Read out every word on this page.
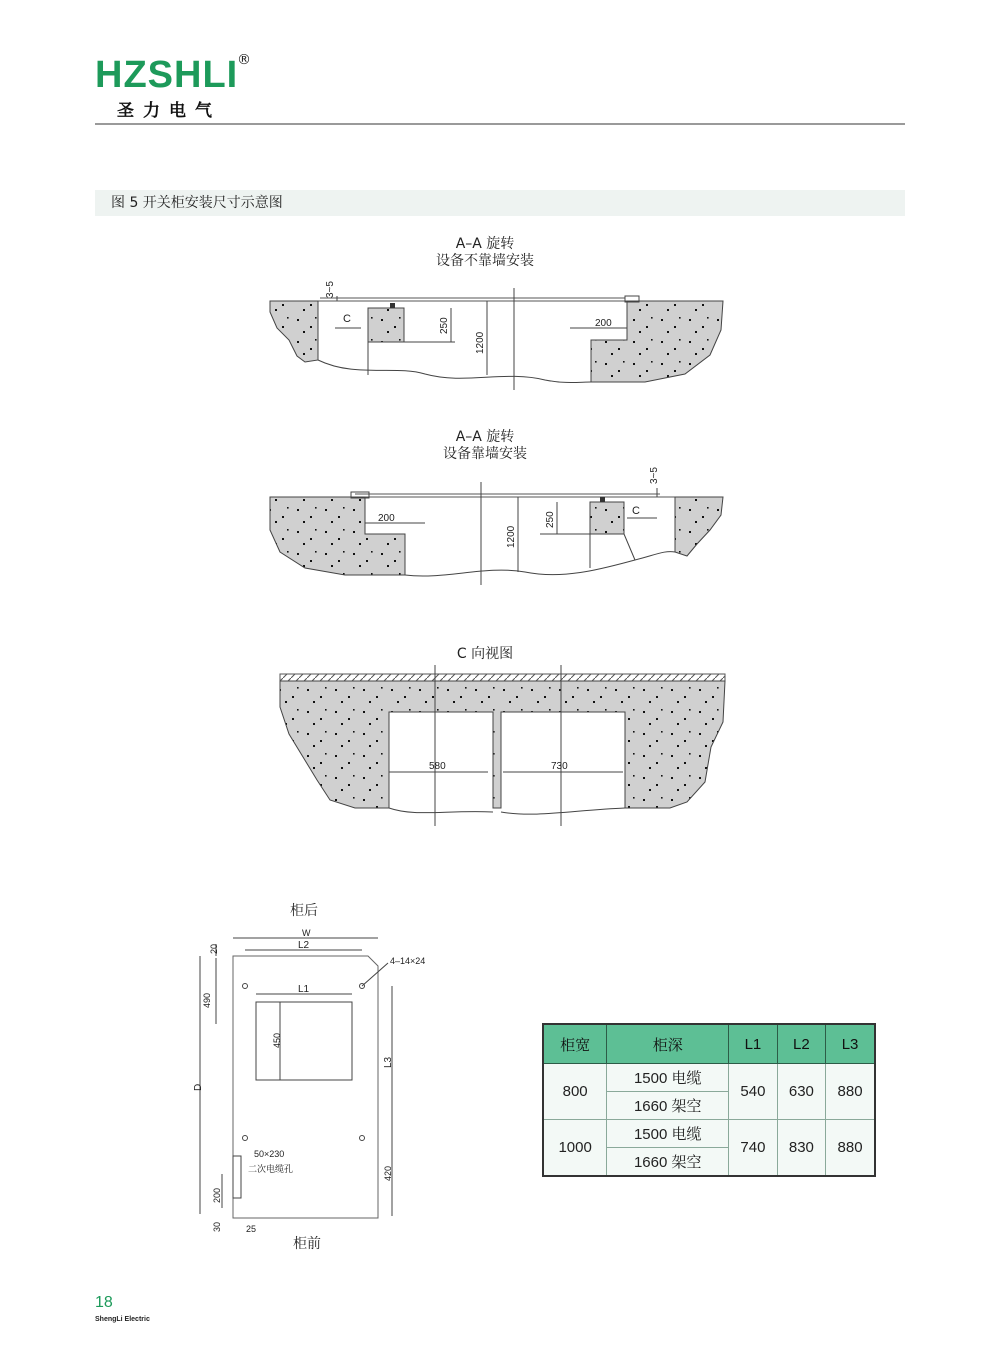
HZSHLI
®
圣力电气
图 5 开关柜安装尺寸示意图
A–A 旋转
设备不靠墙安装
3~5
C	250
1200
200
A–A 旋转
设备靠墙安装
3~5
C
250
1200
200
C 向视图
580	730
柜后
柜前
W
L2
4–14×24
L1
450
L3
420
D
20
490
200
30	25
50×230
二次电缆孔
柜宽	柜深	L1	L2	L3
800	1500 电缆	540	630	880
	1660 架空			
1000	1500 电缆	740	830	880
	1660 架空			
18
ShengLi Electric
